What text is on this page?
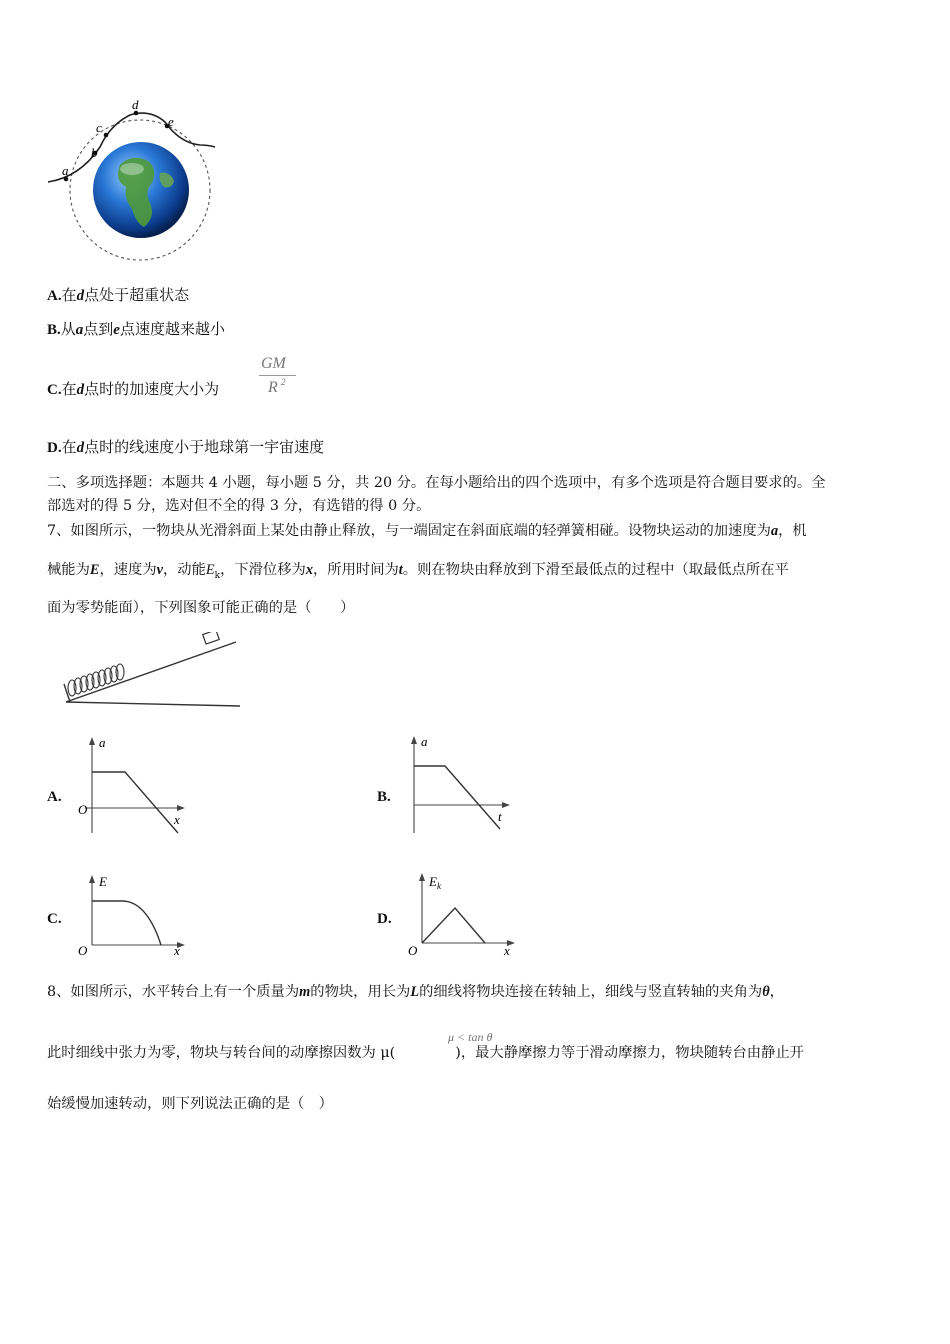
a
b
c
d
e
A.在d点处于超重状态
B.从a点到e点速度越来越小
C.在d点时的加速度大小为
GM
R 2
D.在d点时的线速度小于地球第一宇宙速度
二、多项选择题：本题共 4 小题，每小题 5 分，共 20 分。在每小题给出的四个选项中，有多个选项是符合题目要求的。全
部选对的得 5 分，选对但不全的得 3 分，有选错的得 0 分。
7、如图所示，一物块从光滑斜面上某处由静止释放，与一端固定在斜面底端的轻弹簧相碰。设物块运动的加速度为a，机
械能为E，速度为v，动能$E_k$，下滑位移为x，所用时间为t。则在物块由释放到下滑至最低点的过程中（取最低点所在平
面为零势能面），下列图象可能正确的是（　　）
A.
a
x
O
B.
a
t
C.
E
x
O
D.
$E_k$
x
O
8、如图所示，水平转台上有一个质量为m的物块，用长为L的细线将物块连接在转轴上，细线与竖直转轴的夹角为θ，
μ < tan θ
此时细线中张力为零，物块与转台间的动摩擦因数为 μ(	)，最大静摩擦力等于滑动摩擦力，物块随转台由静止开
始缓慢加速转动，则下列说法正确的是（　）
